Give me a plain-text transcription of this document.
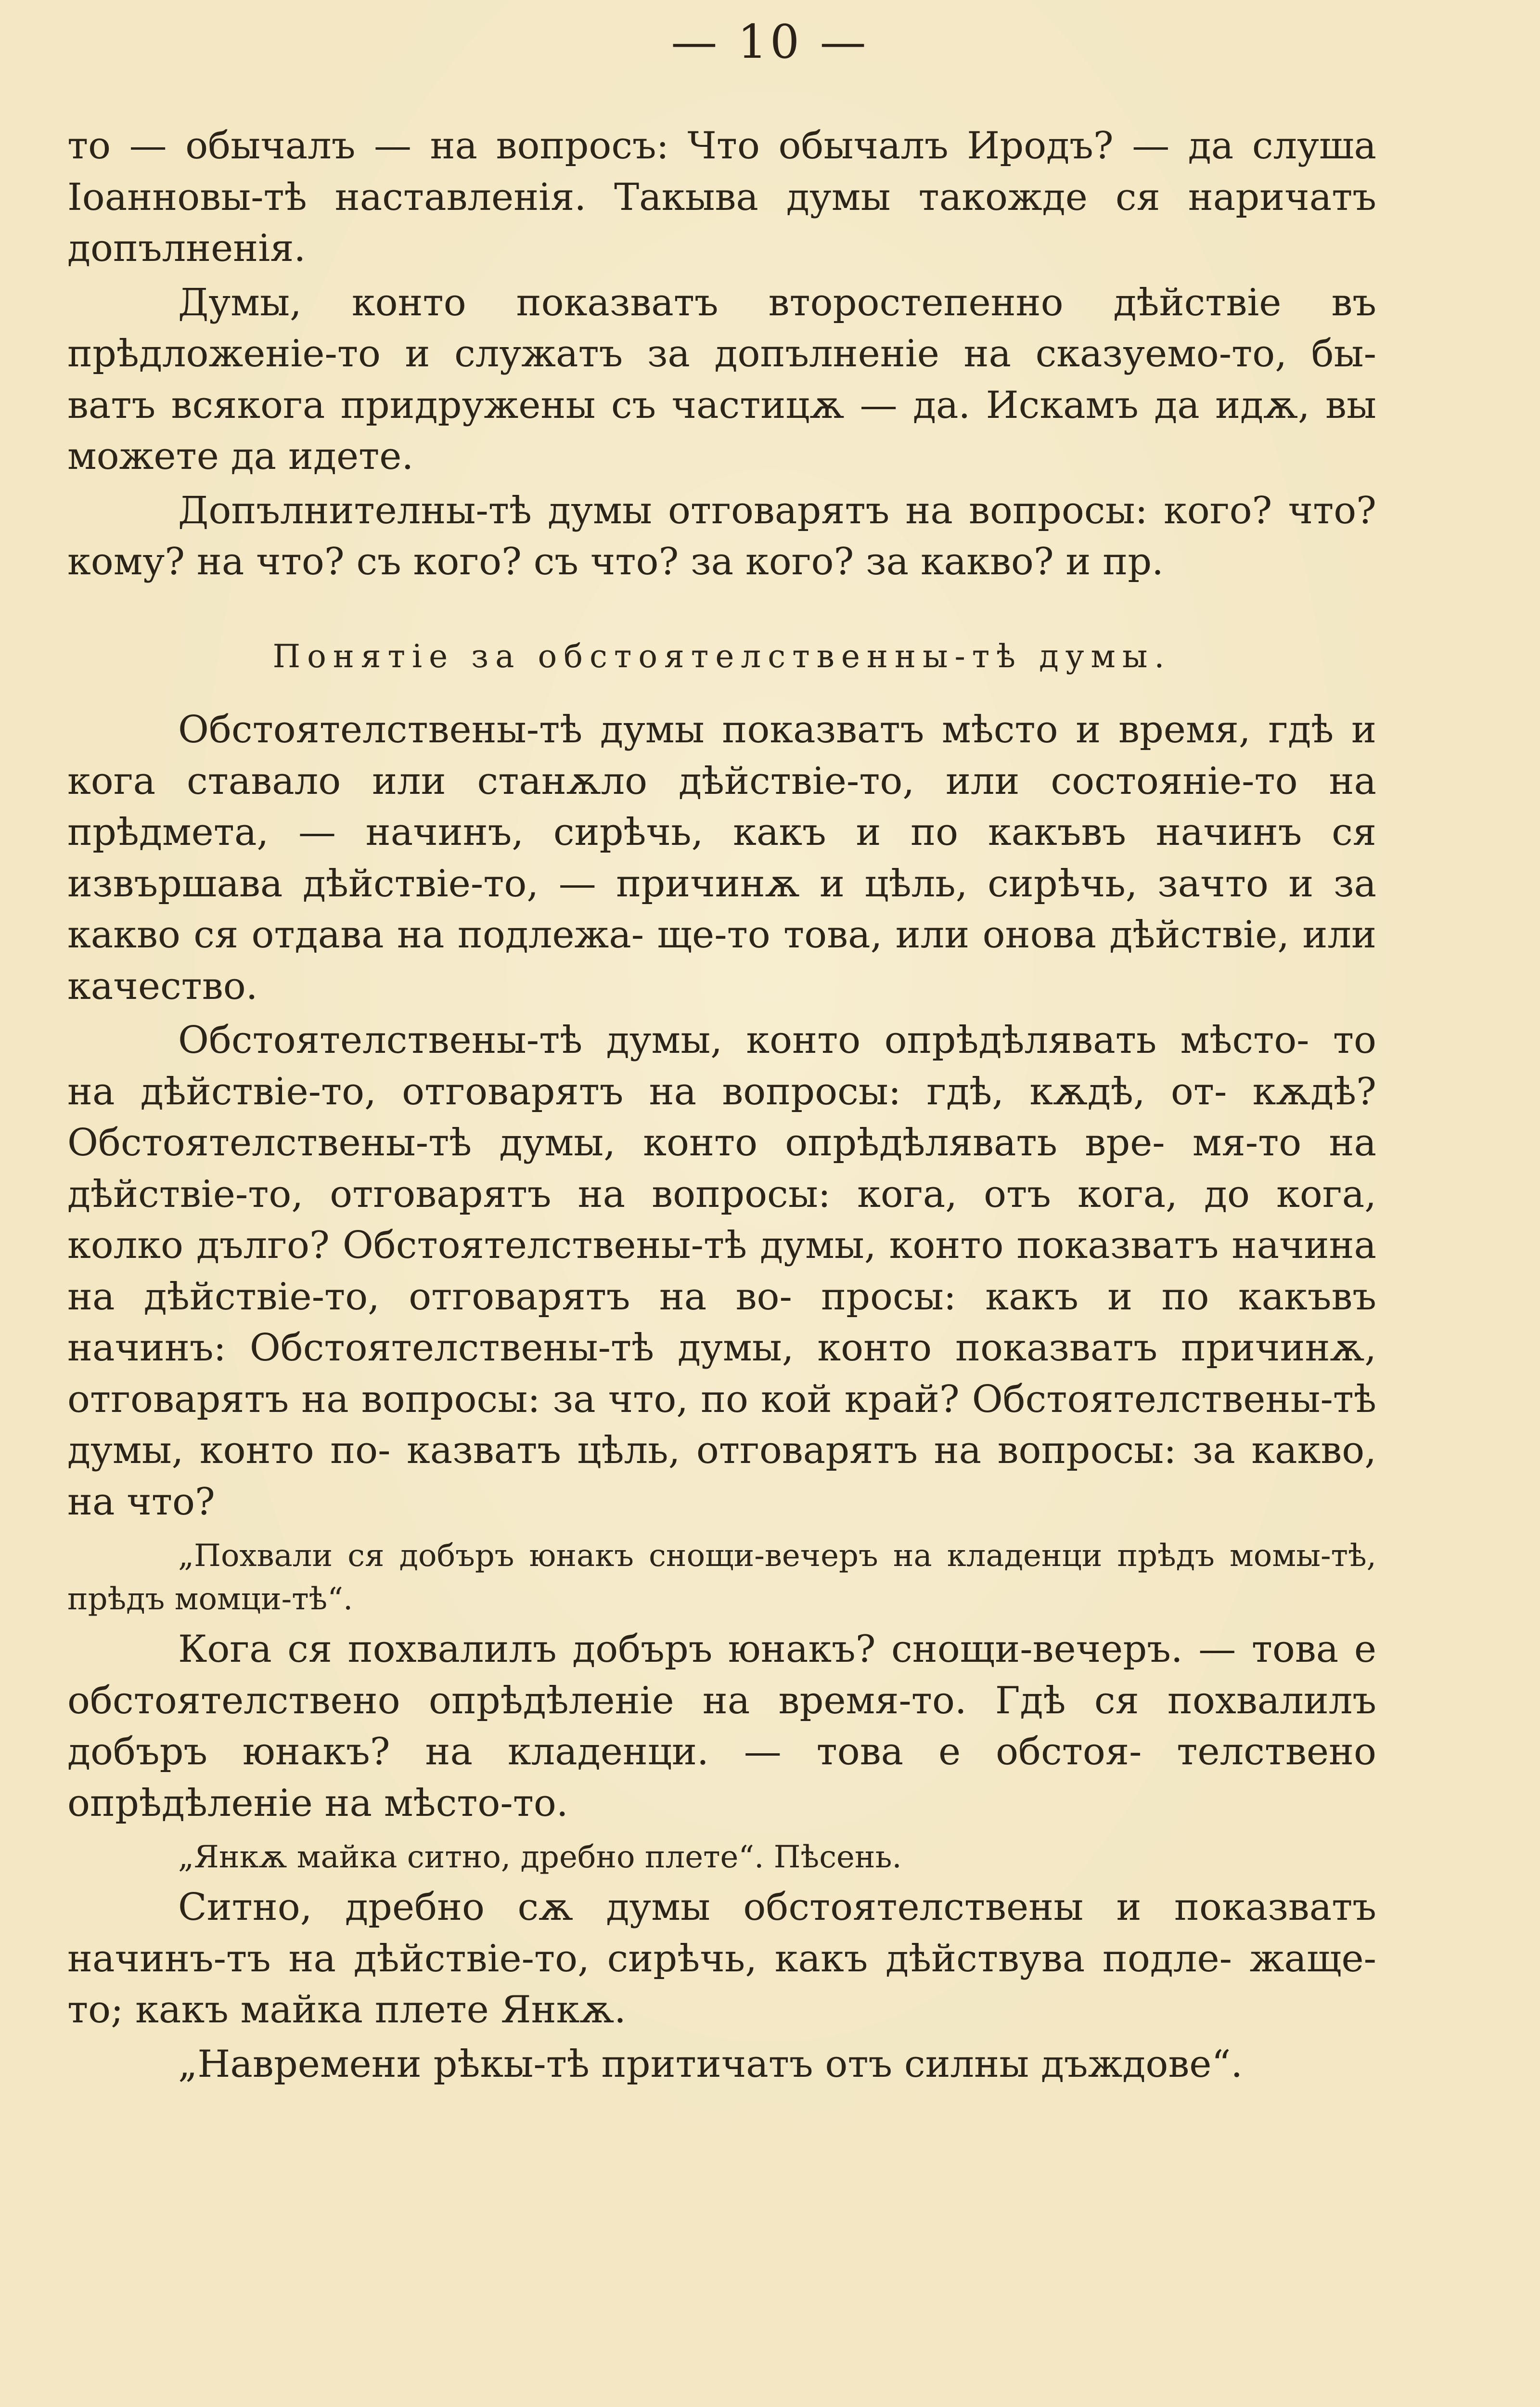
— 10 —

то — обычалъ — на вопросъ: Что обычалъ Иродъ? — да слуша Іоанновы-тѣ наставленія. Такыва думы такожде ся наричатъ допълненія.

Думы, конто показватъ второстепенно дѣйствіе въ прѣдложеніе-то и служатъ за допълненіе на сказуемо-то, бы- ватъ всякога придружены съ частицѫ — да. Искамъ да идѫ, вы можете да идете.

Допълнителны-тѣ думы отговарятъ на вопросы: кого? что? кому? на что? съ кого? съ что? за кого? за какво? и пр.

Понятіе за обстоятелственны-тѣ думы.

Обстоятелствены-тѣ думы показватъ мѣсто и время, гдѣ и кога ставало или станѫло дѣйствіе-то, или состояніе-то на прѣдмета, — начинъ, сирѣчь, какъ и по какъвъ начинъ ся извършава дѣйствіе-то, — причинѫ и цѣль, сирѣчь, зачто и за какво ся отдава на подлежа- ще-то това, или онова дѣйствіе, или качество.

Обстоятелствены-тѣ думы, конто опрѣдѣлявать мѣсто- то на дѣйствіе-то, отговарятъ на вопросы: гдѣ, кѫдѣ, от- кѫдѣ? Обстоятелствены-тѣ думы, конто опрѣдѣлявать вре- мя-то на дѣйствіе-то, отговарятъ на вопросы: кога, отъ кога, до кога, колко дълго? Обстоятелствены-тѣ думы, конто показватъ начина на дѣйствіе-то, отговарятъ на во- просы: какъ и по какъвъ начинъ: Обстоятелствены-тѣ думы, конто показватъ причинѫ, отговарятъ на вопросы: за что, по кой край? Обстоятелствены-тѣ думы, конто по- казватъ цѣль, отговарятъ на вопросы: за какво, на что?

„Похвали ся добъръ юнакъ снощи-вечеръ на кладенци прѣдъ момы-тѣ, прѣдъ момци-тѣ“.

Кога ся похвалилъ добъръ юнакъ? снощи-вечеръ. — това е обстоятелствено опрѣдѣленіе на время-то. Гдѣ ся похвалилъ добъръ юнакъ? на кладенци. — това е обстоя- телствено опрѣдѣленіе на мѣсто-то.

„Янкѫ майка ситно, дребно плете“. Пѣсень.

Ситно, дребно сѫ думы обстоятелствены и показватъ начинъ-тъ на дѣйствіе-то, сирѣчь, какъ дѣйствува подле- жаще-то; какъ майка плете Янкѫ.

„Навремени рѣкы-тѣ притичатъ отъ силны дъждове“.
